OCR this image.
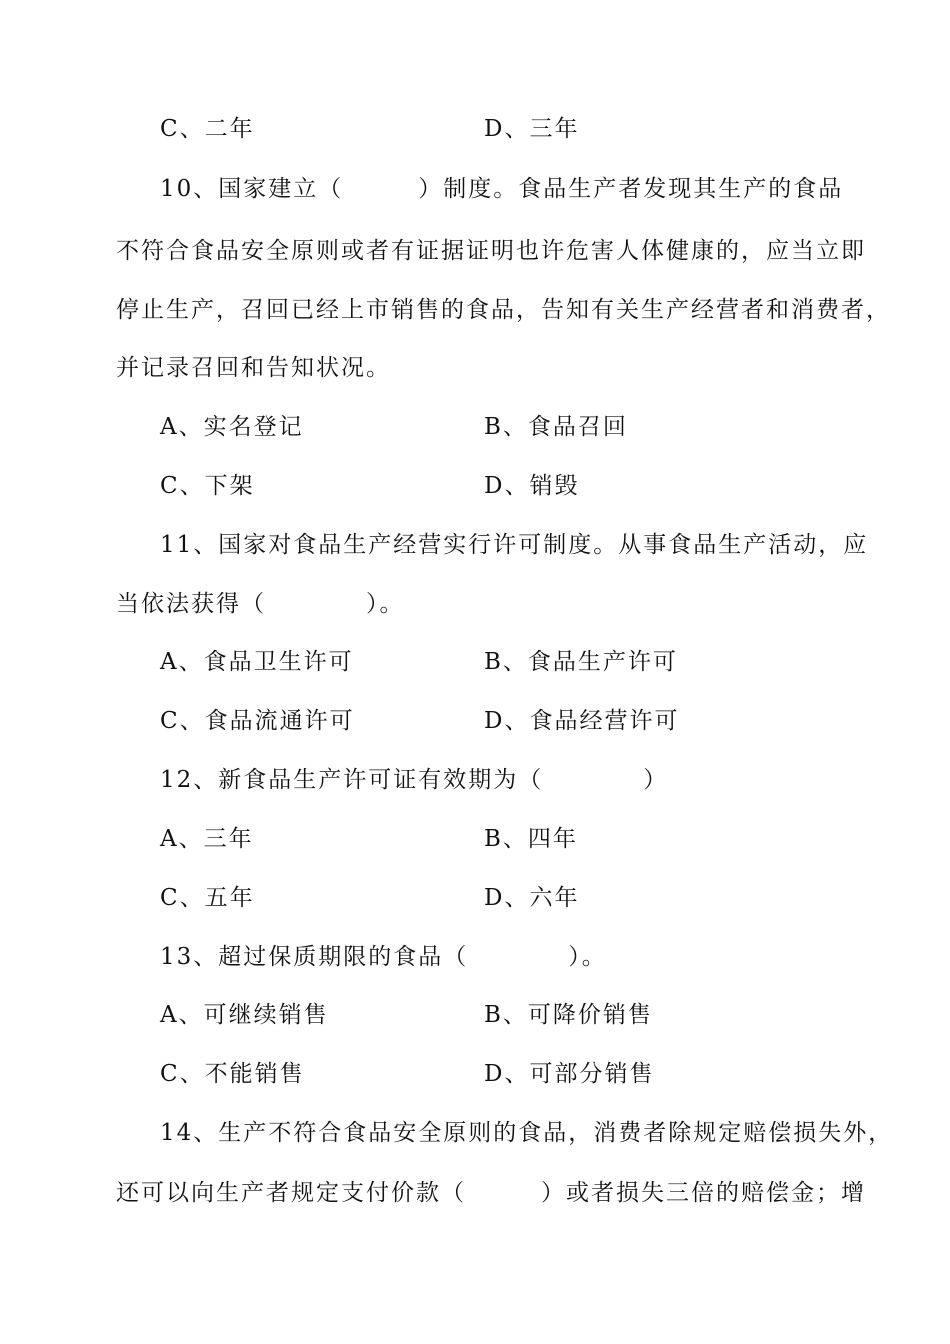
C、二年	D、三年
10、国家建立（　　　）制度。食品生产者发现其生产的食品
不符合食品安全原则或者有证据证明也许危害人体健康的，应当立即
停止生产，召回已经上市销售的食品，告知有关生产经营者和消费者，
并记录召回和告知状况。
A、实名登记	B、食品召回
C、下架	D、销毁
11、国家对食品生产经营实行许可制度。从事食品生产活动，应
当依法获得（　　　　）。
A、食品卫生许可	B、食品生产许可
C、食品流通许可	D、食品经营许可
12、新食品生产许可证有效期为（　　　　）
A、三年	B、四年
C、五年	D、六年
13、超过保质期限的食品（　　　　）。
A、可继续销售	B、可降价销售
C、不能销售	D、可部分销售
14、生产不符合食品安全原则的食品，消费者除规定赔偿损失外，
还可以向生产者规定支付价款（　　　）或者损失三倍的赔偿金；增
